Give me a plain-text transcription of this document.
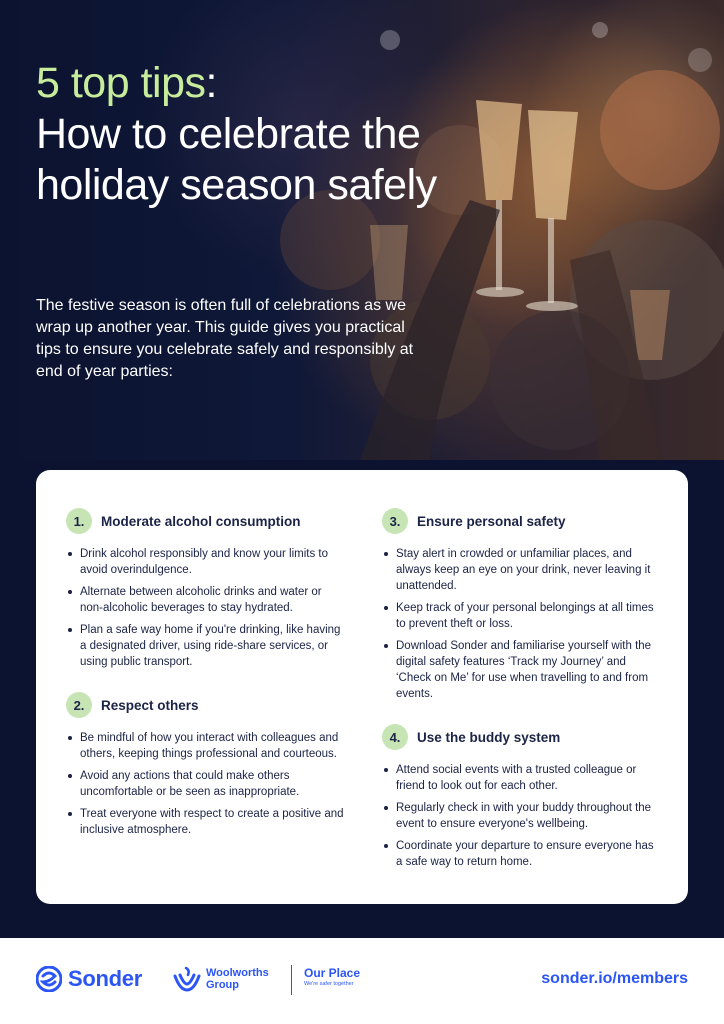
5 top tips:
How to celebrate the holiday season safely

The festive season is often full of celebrations as we wrap up another year. This guide gives you practical tips to ensure you celebrate safely and responsibly at end of year parties:

1.	Moderate alcohol consumption
Drink alcohol responsibly and know your limits to avoid overindulgence.
Alternate between alcoholic drinks and water or non-alcoholic beverages to stay hydrated.
Plan a safe way home if you're drinking, like having a designated driver, using ride-share services, or using public transport.
2.	Respect others
Be mindful of how you interact with colleagues and others, keeping things professional and courteous.
Avoid any actions that could make others uncomfortable or be seen as inappropriate.
Treat everyone with respect to create a positive and inclusive atmosphere.
3.	Ensure personal safety
Stay alert in crowded or unfamiliar places, and always keep an eye on your drink, never leaving it unattended.
Keep track of your personal belongings at all times to prevent theft or loss.
Download Sonder and familiarise yourself with the digital safety features ‘Track my Journey’ and ‘Check on Me’ for use when travelling to and from events.
4.	Use the buddy system
Attend social events with a trusted colleague or friend to look out for each other.
Regularly check in with your buddy throughout the event to ensure everyone's wellbeing.
Coordinate your departure to ensure everyone has a safe way to return home.
Sonder	Woolworths
Group
Our Place
We're safer together	sonder.io/members
